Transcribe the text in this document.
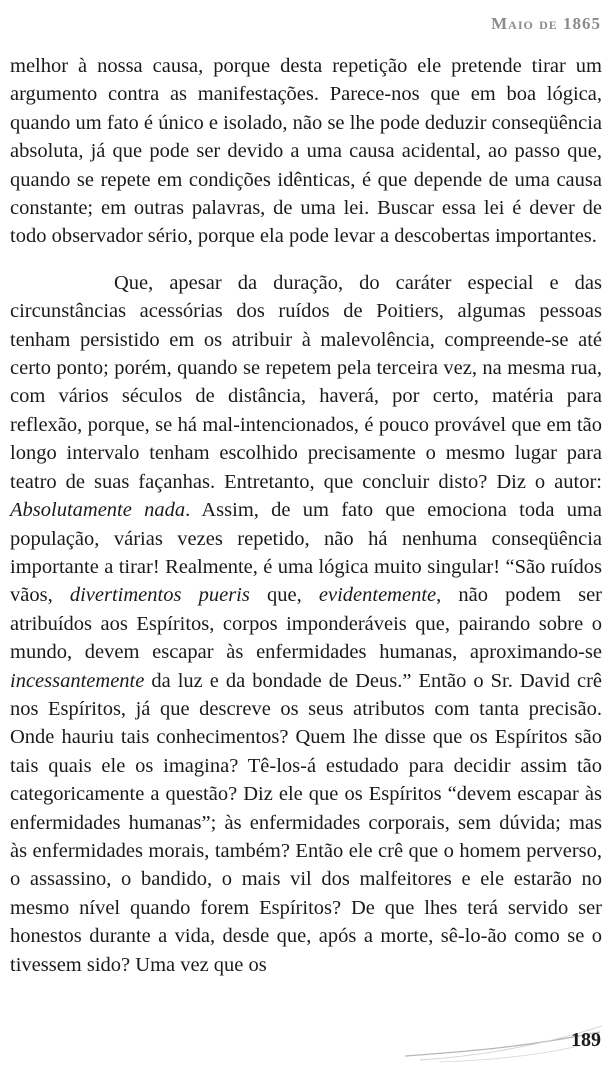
Maio de 1865

melhor à nossa causa, porque desta repetição ele pretende tirar um argumento contra as manifestações. Parece-nos que em boa lógica, quando um fato é único e isolado, não se lhe pode deduzir conseqüência absoluta, já que pode ser devido a uma causa acidental, ao passo que, quando se repete em condições idênticas, é que depende de uma causa constante; em outras palavras, de uma lei. Buscar essa lei é dever de todo observador sério, porque ela pode levar a descobertas importantes.

Que, apesar da duração, do caráter especial e das circunstâncias acessórias dos ruídos de Poitiers, algumas pessoas tenham persistido em os atribuir à malevolência, compreende-se até certo ponto; porém, quando se repetem pela terceira vez, na mesma rua, com vários séculos de distância, haverá, por certo, matéria para reflexão, porque, se há mal-intencionados, é pouco provável que em tão longo intervalo tenham escolhido precisamente o mesmo lugar para teatro de suas façanhas. Entretanto, que concluir disto? Diz o autor: Absolutamente nada. Assim, de um fato que emociona toda uma população, várias vezes repetido, não há nenhuma conseqüência importante a tirar! Realmente, é uma lógica muito singular! “São ruídos vãos, divertimentos pueris que, evidentemente, não podem ser atribuídos aos Espíritos, corpos imponderáveis que, pairando sobre o mundo, devem escapar às enfermidades humanas, aproximando-se incessantemente da luz e da bondade de Deus.” Então o Sr. David crê nos Espíritos, já que descreve os seus atributos com tanta precisão. Onde hauriu tais conhecimentos? Quem lhe disse que os Espíritos são tais quais ele os imagina? Tê-los-á estudado para decidir assim tão categoricamente a questão? Diz ele que os Espíritos “devem escapar às enfermidades humanas”; às enfermidades corporais, sem dúvida; mas às enfermidades morais, também? Então ele crê que o homem perverso, o assassino, o bandido, o mais vil dos malfeitores e ele estarão no mesmo nível quando forem Espíritos? De que lhes terá servido ser honestos durante a vida, desde que, após a morte, sê-lo-ão como se o tivessem sido? Uma vez que os

189
